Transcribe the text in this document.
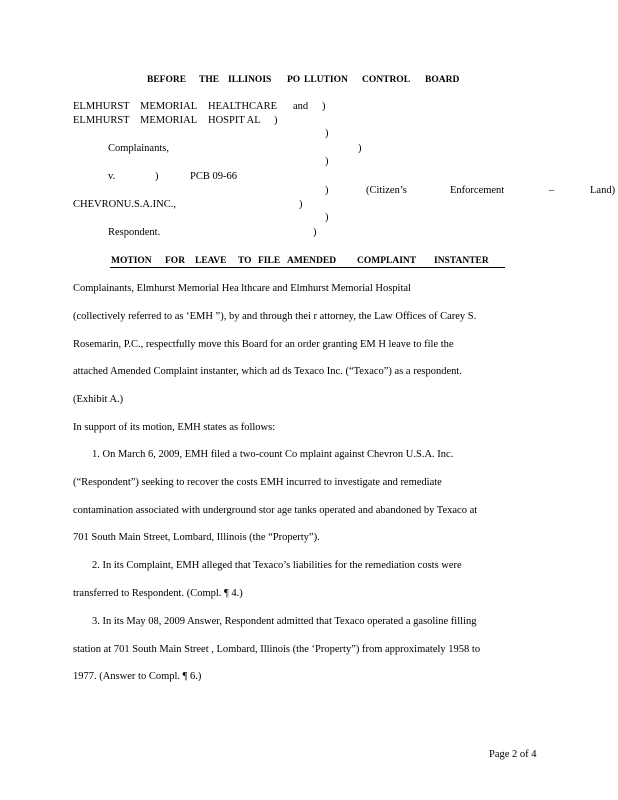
BEFORE THE ILLINOIS PO LLUTION CONTROL BOARD
ELMHURST MEMORIAL HEALTHCARE and )
ELMHURST MEMORIAL HOSPIT AL )
)
Complainants,	)
)
v.	)	PCB 09-66
)	(Citizen’s	Enforcement	–	Land)
CHEVRONU.S.A.INC.,	)
)
Respondent.	)
MOTION FOR LEAVE TO FILE AMENDED COMPLAINT INSTANTER
Complainants, Elmhurst Memorial Hea lthcare and Elmhurst Memorial Hospital
(collectively referred to as ‘EMH ”), by and through thei r attorney, the Law Offices of Carey S.
Rosemarin, P.C., respectfully move this Board for an order granting EM H leave to file the
attached Amended Complaint instanter, which ad ds Texaco Inc. (“Texaco”) as a respondent.
(Exhibit A.)
In support of its motion, EMH states as follows:
1. On March 6, 2009, EMH filed a two-count Co mplaint against Chevron U.S.A. Inc.
(“Respondent”) seeking to recover the costs EMH incurred to investigate and remediate
contamination associated with underground stor age tanks operated and abandoned by Texaco at
701 South Main Street, Lombard, Illinois (the “Property”).
2. In its Complaint, EMH alleged that Texaco’s liabilities for the remediation costs were
transferred to Respondent. (Compl. ¶ 4.)
3. In its May 08, 2009 Answer, Respondent admitted that Texaco operated a gasoline filling
station at 701 South Main Street , Lombard, Illinois (the ‘Property”) from approximately 1958 to
1977. (Answer to Compl. ¶ 6.)
Page 2 of 4
